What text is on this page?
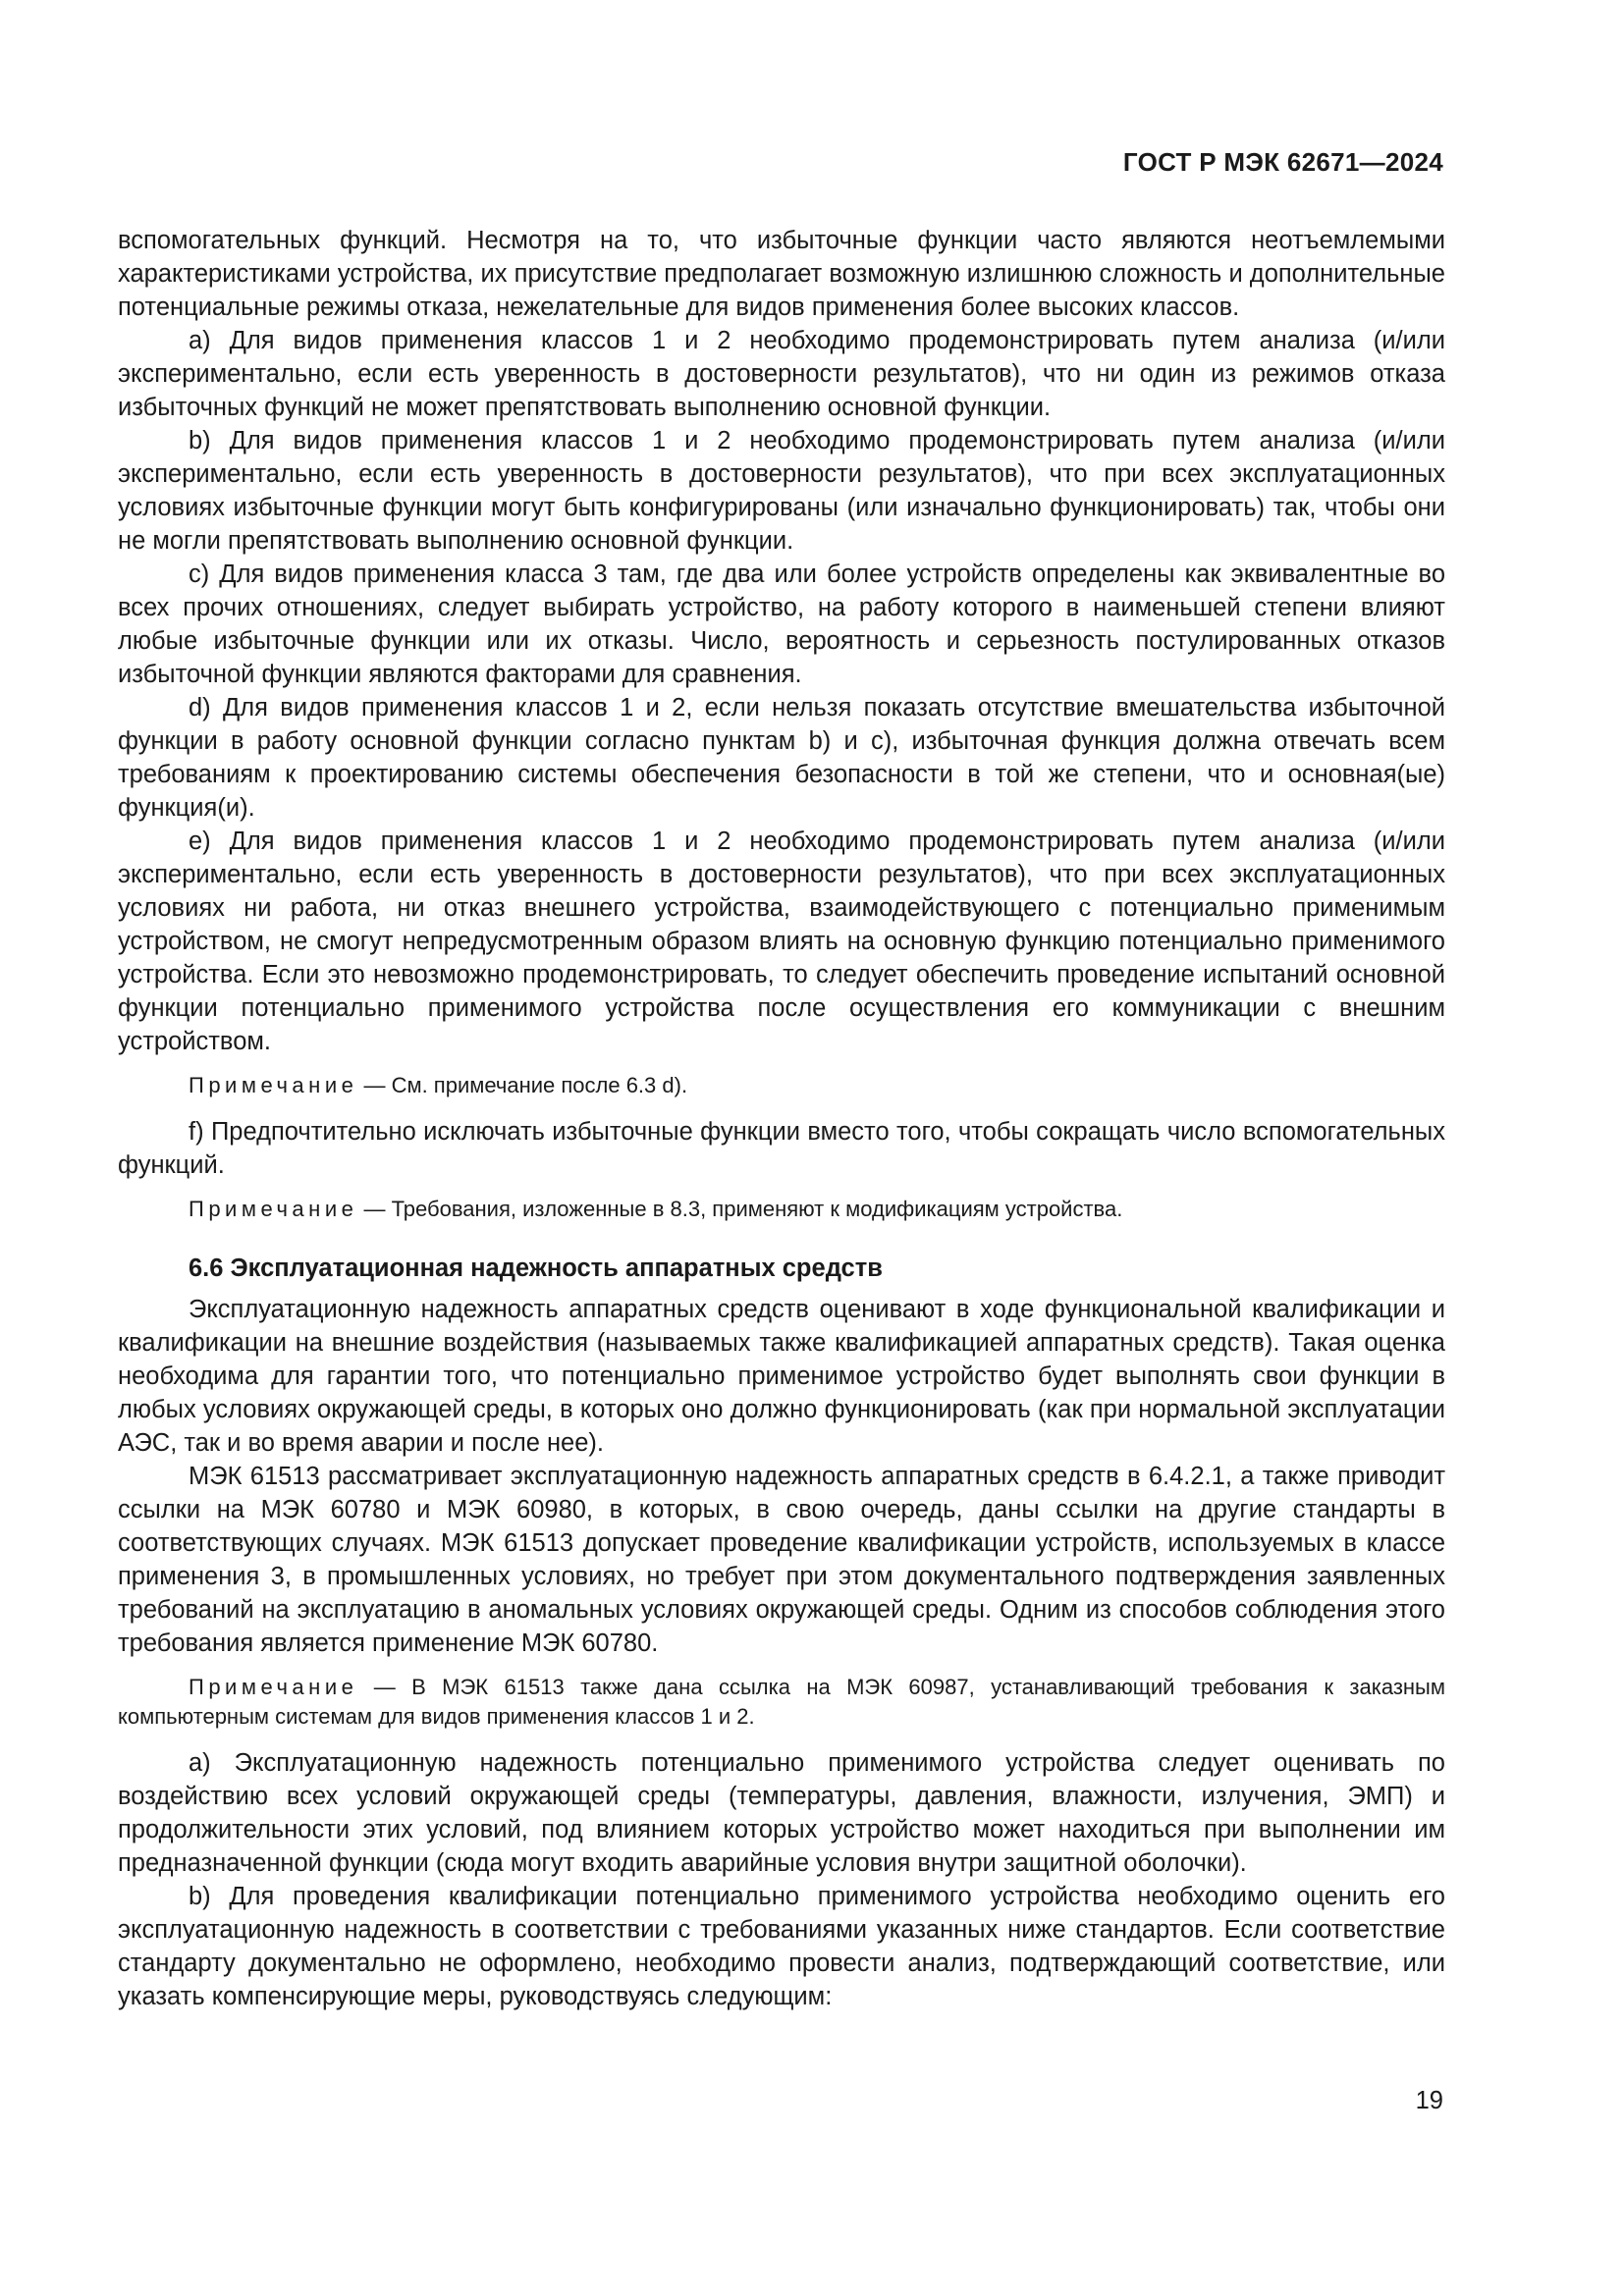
ГОСТ Р МЭК 62671—2024

вспомогательных функций. Несмотря на то, что избыточные функции часто являются неотъемлемыми характеристиками устройства, их присутствие предполагает возможную излишнюю сложность и дополнительные потенциальные режимы отказа, нежелательные для видов применения более высоких классов.

а) Для видов применения классов 1 и 2 необходимо продемонстрировать путем анализа (и/или экспериментально, если есть уверенность в достоверности результатов), что ни один из режимов отказа избыточных функций не может препятствовать выполнению основной функции.

b) Для видов применения классов 1 и 2 необходимо продемонстрировать путем анализа (и/или экспериментально, если есть уверенность в достоверности результатов), что при всех эксплуатационных условиях избыточные функции могут быть конфигурированы (или изначально функционировать) так, чтобы они не могли препятствовать выполнению основной функции.

с) Для видов применения класса 3 там, где два или более устройств определены как эквивалентные во всех прочих отношениях, следует выбирать устройство, на работу которого в наименьшей степени влияют любые избыточные функции или их отказы. Число, вероятность и серьезность постулированных отказов избыточной функции являются факторами для сравнения.

d) Для видов применения классов 1 и 2, если нельзя показать отсутствие вмешательства избыточной функции в работу основной функции согласно пунктам b) и с), избыточная функция должна отвечать всем требованиям к проектированию системы обеспечения безопасности в той же степени, что и основная(ые) функция(и).

е) Для видов применения классов 1 и 2 необходимо продемонстрировать путем анализа (и/или экспериментально, если есть уверенность в достоверности результатов), что при всех эксплуатационных условиях ни работа, ни отказ внешнего устройства, взаимодействующего с потенциально применимым устройством, не смогут непредусмотренным образом влиять на основную функцию потенциально применимого устройства. Если это невозможно продемонстрировать, то следует обеспечить проведение испытаний основной функции потенциально применимого устройства после осуществления его коммуникации с внешним устройством.

Примечание — См. примечание после 6.3 d).

f) Предпочтительно исключать избыточные функции вместо того, чтобы сокращать число вспомогательных функций.

Примечание — Требования, изложенные в 8.3, применяют к модификациям устройства.

6.6 Эксплуатационная надежность аппаратных средств

Эксплуатационную надежность аппаратных средств оценивают в ходе функциональной квалификации и квалификации на внешние воздействия (называемых также квалификацией аппаратных средств). Такая оценка необходима для гарантии того, что потенциально применимое устройство будет выполнять свои функции в любых условиях окружающей среды, в которых оно должно функционировать (как при нормальной эксплуатации АЭС, так и во время аварии и после нее).

МЭК 61513 рассматривает эксплуатационную надежность аппаратных средств в 6.4.2.1, а также приводит ссылки на МЭК 60780 и МЭК 60980, в которых, в свою очередь, даны ссылки на другие стандарты в соответствующих случаях. МЭК 61513 допускает проведение квалификации устройств, используемых в классе применения 3, в промышленных условиях, но требует при этом документального подтверждения заявленных требований на эксплуатацию в аномальных условиях окружающей среды. Одним из способов соблюдения этого требования является применение МЭК 60780.

Примечание — В МЭК 61513 также дана ссылка на МЭК 60987, устанавливающий требования к заказным компьютерным системам для видов применения классов 1 и 2.

а) Эксплуатационную надежность потенциально применимого устройства следует оценивать по воздействию всех условий окружающей среды (температуры, давления, влажности, излучения, ЭМП) и продолжительности этих условий, под влиянием которых устройство может находиться при выполнении им предназначенной функции (сюда могут входить аварийные условия внутри защитной оболочки).

b) Для проведения квалификации потенциально применимого устройства необходимо оценить его эксплуатационную надежность в соответствии с требованиями указанных ниже стандартов. Если соответствие стандарту документально не оформлено, необходимо провести анализ, подтверждающий соответствие, или указать компенсирующие меры, руководствуясь следующим:

19
